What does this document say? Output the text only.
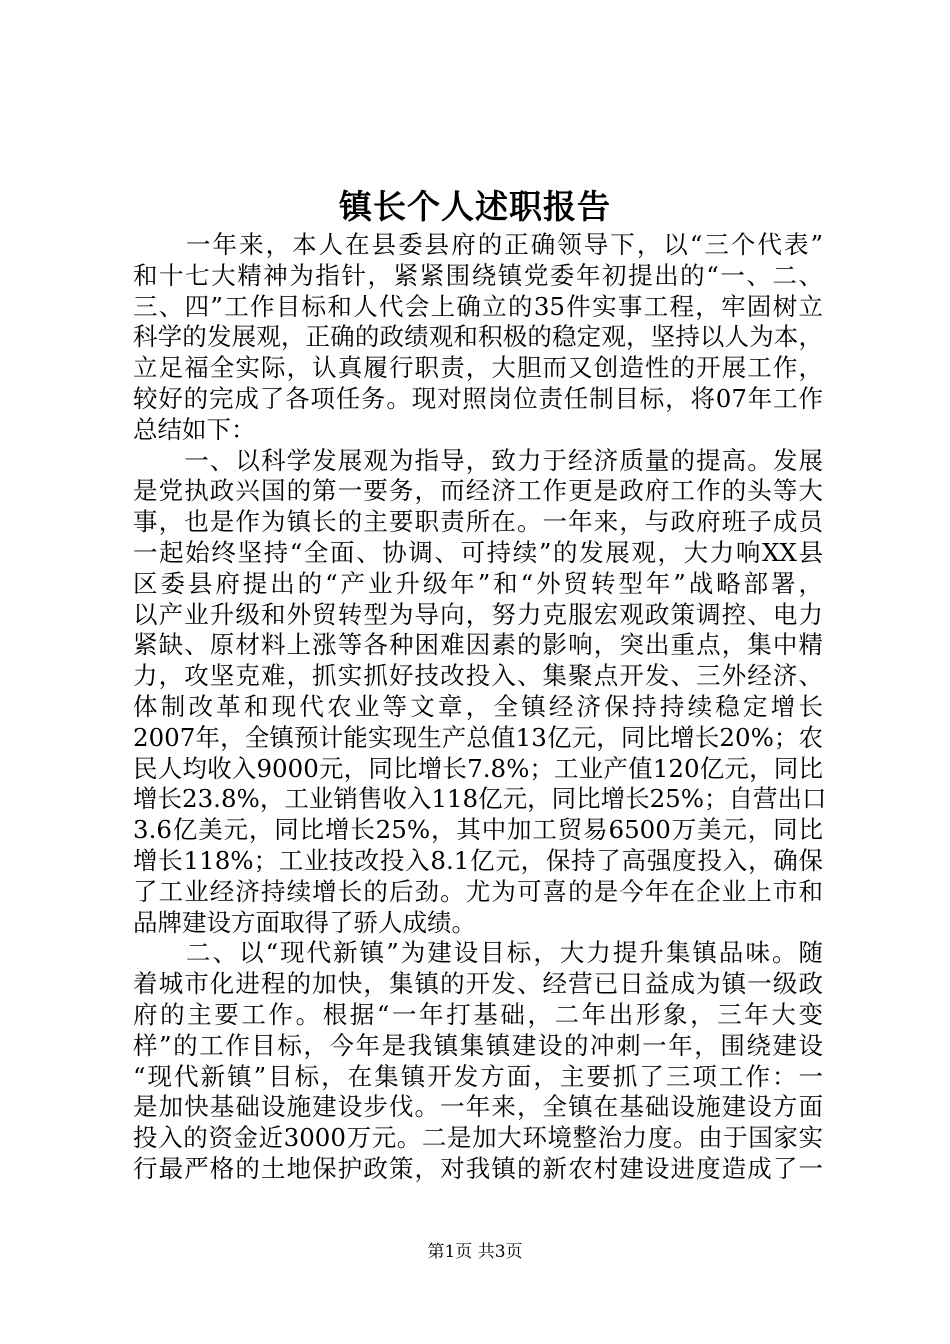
镇长个人述职报告
　　一年来，本人在县委县府的正确领导下，以“三个代表”
和十七大精神为指针，紧紧围绕镇党委年初提出的“一、二、
三、四”工作目标和人代会上确立的35件实事工程，牢固树立
科学的发展观，正确的政绩观和积极的稳定观，坚持以人为本，
立足福全实际，认真履行职责，大胆而又创造性的开展工作，
较好的完成了各项任务。现对照岗位责任制目标，将07年工作
总结如下：
　　一、以科学发展观为指导，致力于经济质量的提高。发展
是党执政兴国的第一要务，而经济工作更是政府工作的头等大
事，也是作为镇长的主要职责所在。一年来，与政府班子成员
一起始终坚持“全面、协调、可持续”的发展观，大力响XX县
区委县府提出的“产业升级年”和“外贸转型年”战略部署，
以产业升级和外贸转型为导向，努力克服宏观政策调控、电力
紧缺、原材料上涨等各种困难因素的影响，突出重点，集中精
力，攻坚克难，抓实抓好技改投入、集聚点开发、三外经济、
体制改革和现代农业等文章，全镇经济保持持续稳定增长
2007年，全镇预计能实现生产总值13亿元，同比增长20%；农
民人均收入9000元，同比增长7.8%；工业产值120亿元，同比
增长23.8%，工业销售收入118亿元，同比增长25%；自营出口
3.6亿美元，同比增长25%，其中加工贸易6500万美元，同比
增长118%；工业技改投入8.1亿元，保持了高强度投入，确保
了工业经济持续增长的后劲。尤为可喜的是今年在企业上市和
品牌建设方面取得了骄人成绩。
　　二、以“现代新镇”为建设目标，大力提升集镇品味。随
着城市化进程的加快，集镇的开发、经营已日益成为镇一级政
府的主要工作。根据“一年打基础，二年出形象，三年大变
样”的工作目标，今年是我镇集镇建设的冲刺一年，围绕建设
“现代新镇”目标，在集镇开发方面，主要抓了三项工作：一
是加快基础设施建设步伐。一年来，全镇在基础设施建设方面
投入的资金近3000万元。二是加大环境整治力度。由于国家实
行最严格的土地保护政策，对我镇的新农村建设进度造成了一
第1页 共3页
